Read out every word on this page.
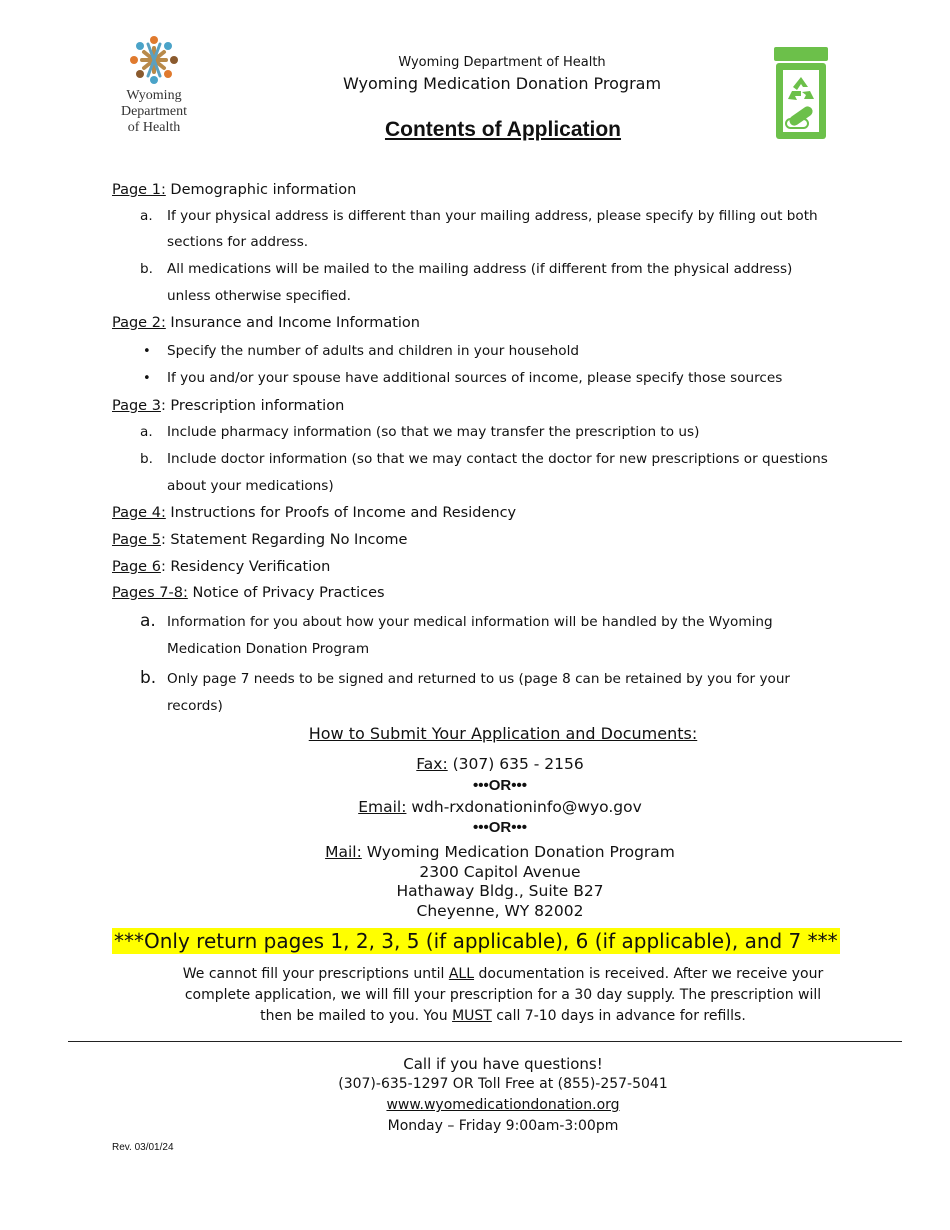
Wyoming
Department
of Health
Wyoming Department of Health
Wyoming Medication Donation Program
Contents of Application
Page 1: Demographic information
a. If your physical address is different than your mailing address, please specify by filling out both
sections for address.
b. All medications will be mailed to the mailing address (if different from the physical address)
unless otherwise specified.
Page 2: Insurance and Income Information
• Specify the number of adults and children in your household
• If you and/or your spouse have additional sources of income, please specify those sources
Page 3: Prescription information
a. Include pharmacy information (so that we may transfer the prescription to us)
b. Include doctor information (so that we may contact the doctor for new prescriptions or questions
about your medications)
Page 4: Instructions for Proofs of Income and Residency
Page 5: Statement Regarding No Income
Page 6: Residency Verification
Pages 7-8: Notice of Privacy Practices
a. Information for you about how your medical information will be handled by the Wyoming
Medication Donation Program
b. Only page 7 needs to be signed and returned to us (page 8 can be retained by you for your
records)
How to Submit Your Application and Documents:
Fax: (307) 635 - 2156
•••OR•••
Email: wdh-rxdonationinfo@wyo.gov
•••OR•••
Mail: Wyoming Medication Donation Program
2300 Capitol Avenue
Hathaway Bldg., Suite B27
Cheyenne, WY 82002
***Only return pages 1, 2, 3, 5 (if applicable), 6 (if applicable), and 7 ***
We cannot fill your prescriptions until ALL documentation is received. After we receive your complete application, we will fill your prescription for a 30 day supply. The prescription will then be mailed to you. You MUST call 7-10 days in advance for refills.
Call if you have questions!
(307)-635-1297 OR Toll Free at (855)-257-5041
www.wyomedicationdonation.org
Monday – Friday 9:00am-3:00pm
Rev. 03/01/24
